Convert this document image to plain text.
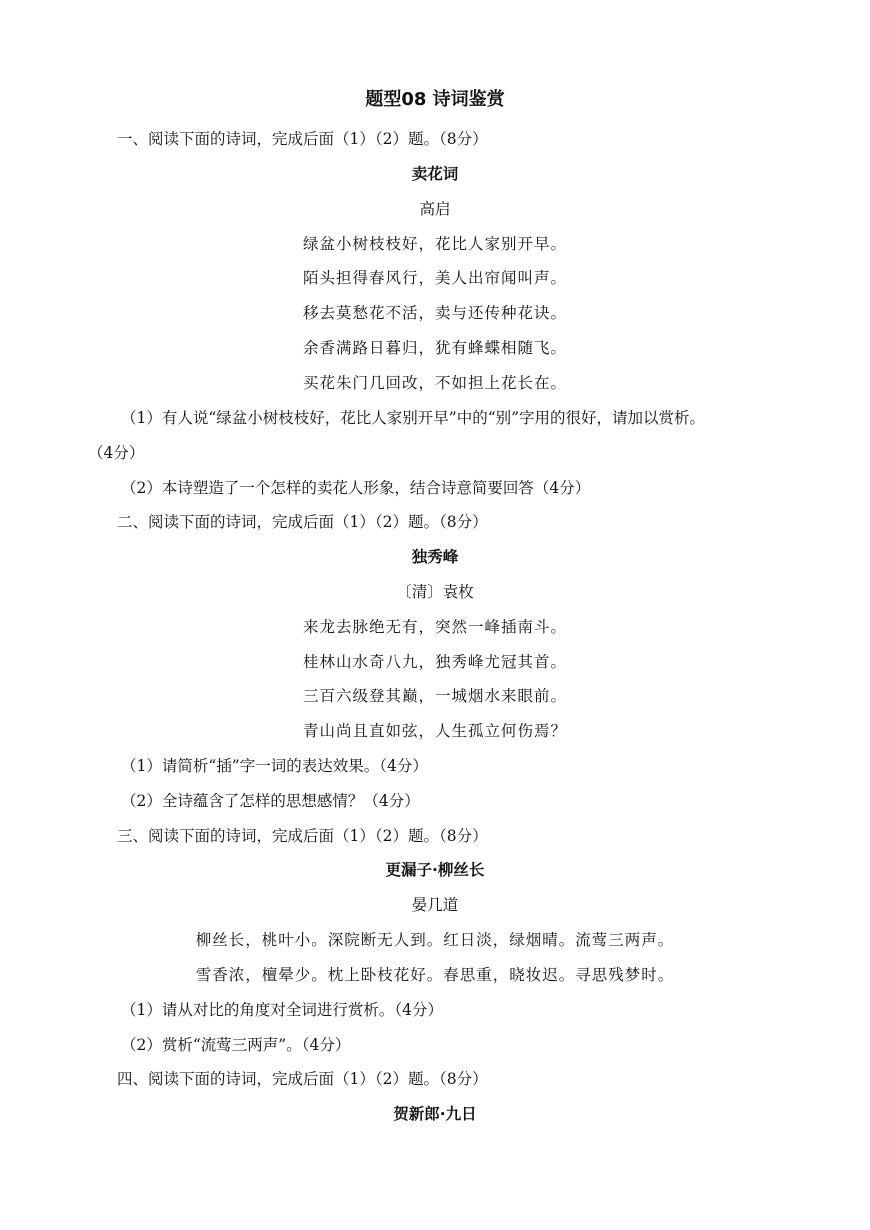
题型08 诗词鉴赏
一、阅读下面的诗词，完成后面（1）（2）题。（8分）
卖花词
高启
绿盆小树枝枝好，花比人家别开早。
陌头担得春风行，美人出帘闻叫声。
移去莫愁花不活，卖与还传种花诀。
余香满路日暮归，犹有蜂蝶相随飞。
买花朱门几回改，不如担上花长在。
（1）有人说“绿盆小树枝枝好，花比人家别开早”中的“别”字用的很好，请加以赏析。
（4分）
（2）本诗塑造了一个怎样的卖花人形象，结合诗意简要回答（4分）
二、阅读下面的诗词，完成后面（1）（2）题。（8分）
独秀峰
〔清〕袁枚
来龙去脉绝无有，突然一峰插南斗。
桂林山水奇八九，独秀峰尤冠其首。
三百六级登其巅，一城烟水来眼前。
青山尚且直如弦，人生孤立何伤焉？
（1）请简析“插”字一词的表达效果。（4分）
（2）全诗蕴含了怎样的思想感情？（4分）
三、阅读下面的诗词，完成后面（1）（2）题。（8分）
更漏子·柳丝长
晏几道
柳丝长，桃叶小。深院断无人到。红日淡，绿烟晴。流莺三两声。
雪香浓，檀晕少。枕上卧枝花好。春思重，晓妆迟。寻思残梦时。
（1）请从对比的角度对全词进行赏析。（4分）
（2）赏析“流莺三两声”。（4分）
四、阅读下面的诗词，完成后面（1）（2）题。（8分）
贺新郎·九日
